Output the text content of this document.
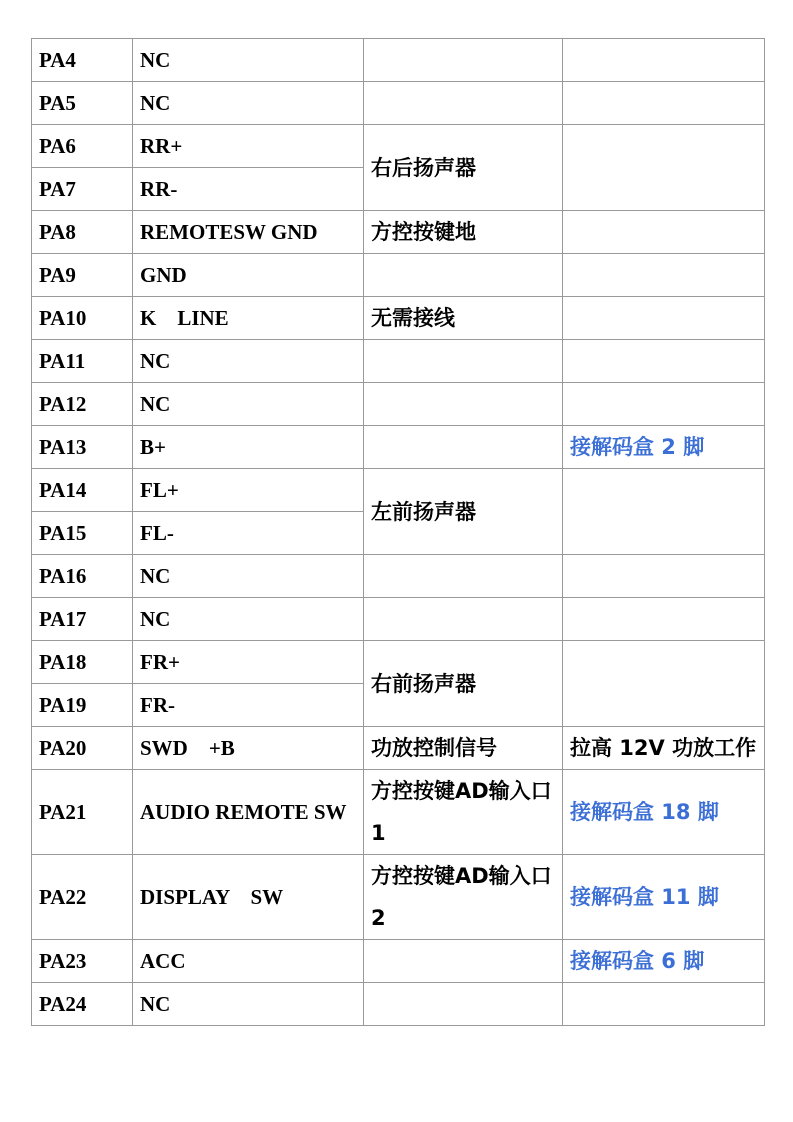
PA4	NC		
PA5	NC		
PA6	RR+	右后扬声器	
PA7	RR-		
PA8	REMOTESW GND	方控按键地	
PA9	GND		
PA10	K    LINE	无需接线	
PA11	NC		
PA12	NC		
PA13	B+		接解码盒 2 脚
PA14	FL+	左前扬声器	
PA15	FL-		
PA16	NC		
PA17	NC		
PA18	FR+	右前扬声器	
PA19	FR-		
PA20	SWD    +B	功放控制信号	拉高 12V 功放工作
PA21	AUDIO REMOTE SW	方控按键AD输入口1	接解码盒 18 脚
PA22	DISPLAY    SW	方控按键AD输入口2	接解码盒 11 脚
PA23	ACC		接解码盒 6 脚
PA24	NC		
